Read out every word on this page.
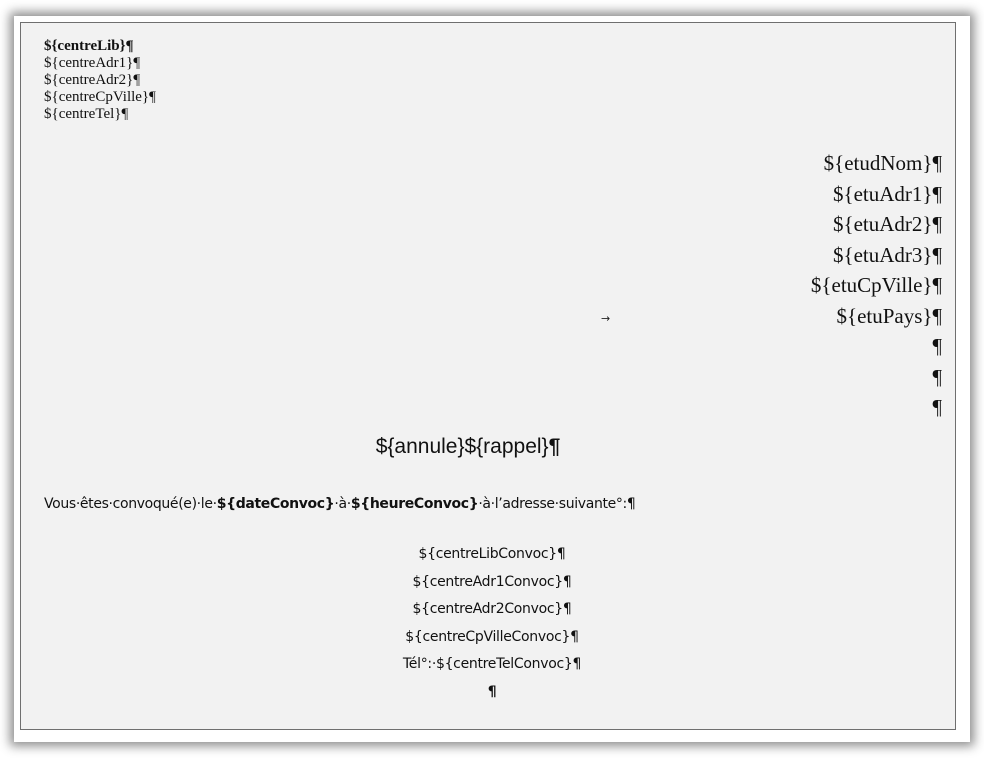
${centreLib}¶
${centreAdr1}¶
${centreAdr2}¶
${centreCpVille}¶
${centreTel}¶
${etudNom}¶
${etuAdr1}¶
${etuAdr2}¶
${etuAdr3}¶
${etuCpVille}¶
${etuPays}¶
¶
¶
¶
→
${annule}${rappel}¶
Vous·êtes·convoqué(e)·le·${dateConvoc}·à·${heureConvoc}·à·l’adresse·suivante°:¶
${centreLibConvoc}¶
${centreAdr1Convoc}¶
${centreAdr2Convoc}¶
${centreCpVilleConvoc}¶
Tél°:·${centreTelConvoc}¶
¶
